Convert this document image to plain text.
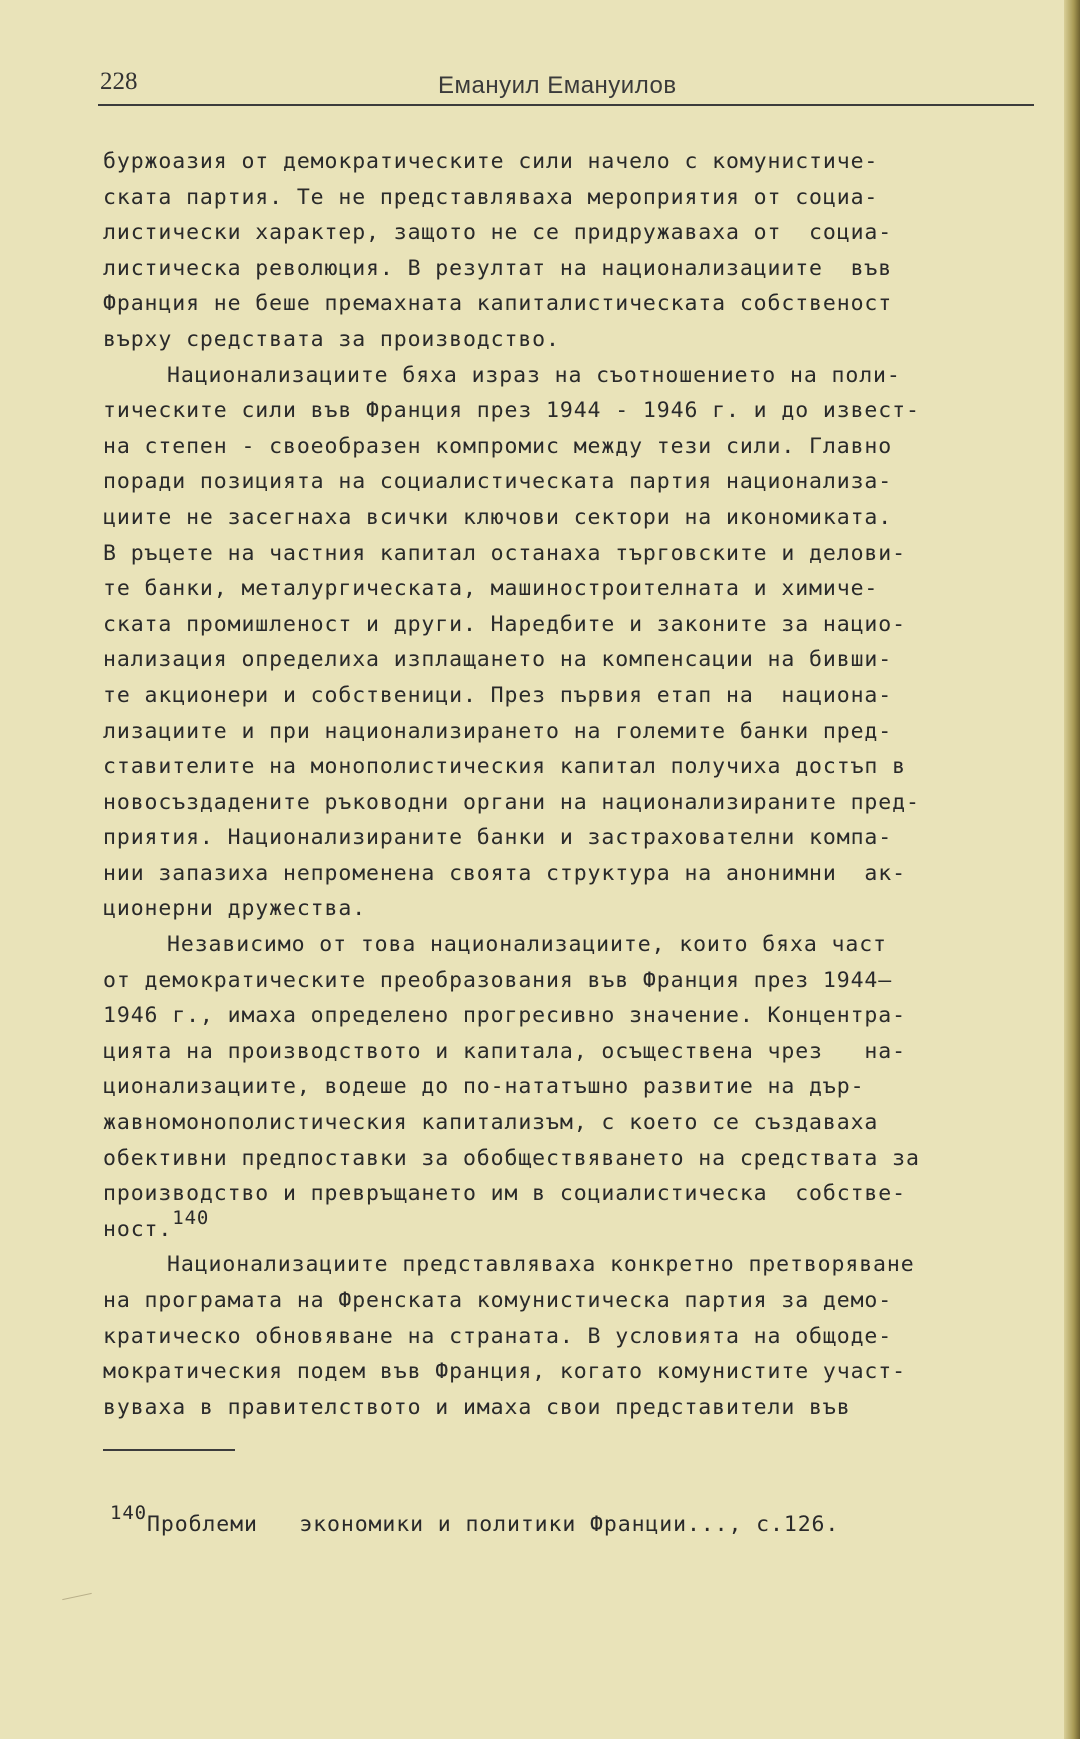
228	Емануил Емануилов
буржоазия от демократическите сили начело с комунистиче-
ската партия. Те не представляваха мероприятия от социа-
листически характер, защото не се придружаваха от  социа-
листическа революция. В резултат на национализациите  във
Франция не беше премахната капиталистическата собственост
върху средствата за производство.
Национализациите бяха израз на съотношението на поли-
тическите сили във Франция през 1944 - 1946 г. и до извест-
на степен - своеобразен компромис между тези сили. Главно
поради позицията на социалистическата партия национализа-
циите не засегнаха всички ключови сектори на икономиката.
В ръцете на частния капитал останаха търговските и делови-
те банки, металургическата, машиностроителната и химиче-
ската промишленост и други. Наредбите и законите за нацио-
нализация определиха изплащането на компенсации на бивши-
те акционери и собственици. През първия етап на  национа-
лизациите и при национализирането на големите банки пред-
ставителите на монополистическия капитал получиха достъп в
новосъздадените ръководни органи на национализираните пред-
приятия. Национализираните банки и застрахователни компа-
нии запазиха непроменена своята структура на анонимни  ак-
ционерни дружества.
Независимо от това национализациите, които бяха част
от демократическите преобразования във Франция през 1944—
1946 г., имаха определено прогресивно значение. Концентра-
цията на производството и капитала, осъществена чрез   на-
ционализациите, водеше до по-нататъшно развитие на дър-
жавномонополистическия капитализъм, с което се създаваха
обективни предпоставки за обобществяването на средствата за
производство и превръщането им в социалистическа  собстве-
ност.$^{140}$
Национализациите представляваха конкретно претворяване
на програмата на Френската комунистическа партия за демо-
кратическо обновяване на страната. В условията на общоде-
мократическия подем във Франция, когато комунистите участ-
вуваха в правителството и имаха свои представители във
$^{140}$Проблеми   экономики и политики Франции..., с.126.
